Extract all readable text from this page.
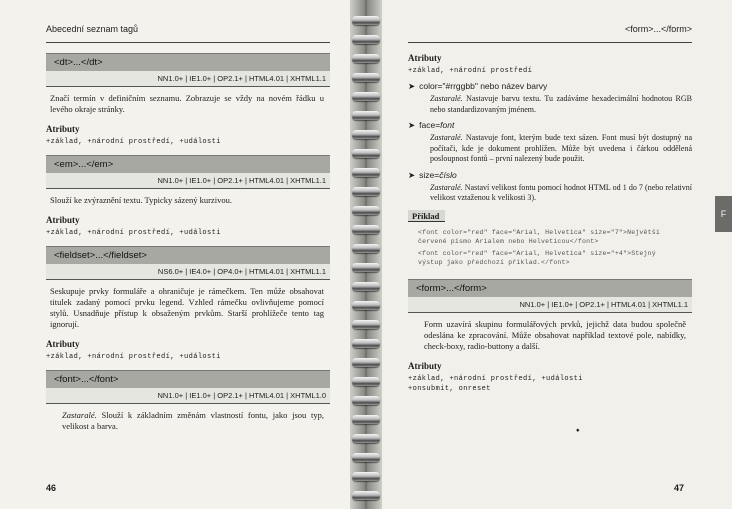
Abecední seznam tagů
<dt>...</dt>
NN1.0+ | IE1.0+ | OP2.1+ | HTML4.01 | XHTML1.1
Značí termín v definičním seznamu. Zobrazuje se vždy na novém řádku u levého okraje stránky.
Atributy
+základ, +národní prostředí, +události
<em>...</em>
NN1.0+ | IE1.0+ | OP2.1+ | HTML4.01 | XHTML1.1
Slouží ke zvýraznění textu. Typicky sázený kurzivou.
Atributy
+základ, +národní prostředí, +události
<fieldset>...</fieldset>
NS6.0+ | IE4.0+ | OP4.0+ | HTML4.01 | XHTML1.1
Seskupuje prvky formuláře a ohraničuje je rámečkem. Ten může obsahovat titulek zadaný pomocí prvku legend. Vzhled rámečku ovlivňujeme pomocí stylů. Usnadňuje přístup k obsaženým prvkům. Starší prohlížeče tento tag ignorují.
Atributy
+základ, +národní prostředí, +události
<font>...</font>
NN1.0+ | IE1.0+ | OP2.1+ | HTML4.01 | XHTML1.0
Zastaralé. Slouží k základním změnám vlastností fontu, jako jsou typ, velikost a barva.
46
<form>...</form>
Atributy
+základ, +národní prostředí
➤ color="#rrggbb" nebo název barvy
Zastaralé. Nastavuje barvu textu. Tu zadáváme hexadecimální hodnotou RGB nebo standardizovaným jménem.
➤ face=font
Zastaralé. Nastavuje font, kterým bude text sázen. Font musí být dostupný na počítači, kde je dokument prohlížen. Může být uvedena i čárkou oddělená posloupnost fontů – první nalezený bude použit.
➤ size=číslo
Zastaralé. Nastaví velikost fontu pomocí hodnot HTML od 1 do 7 (nebo relativní velikost vztaženou k velikosti 3).
Příklad
<font color="red" face="Arial, Helvetica" size="7">Největší
červené písmo Arialem nebo Helveticou</font>
<font color="red" face="Arial, Helvetica" size="+4">Stejný
výstup jako předchozí příklad.</font>
<form>...</form>
NN1.0+ | IE1.0+ | OP2.1+ | HTML4.01 | XHTML1.1
Form uzavírá skupinu formulářových prvků, jejichž data budou společně odeslána ke zpracování. Může obsahovat například textové pole, nabídky, check-boxy, radio-buttony a další.
Atributy
+základ, +národní prostředí, +události
+onsubmit, onreset
⬩
F
47
